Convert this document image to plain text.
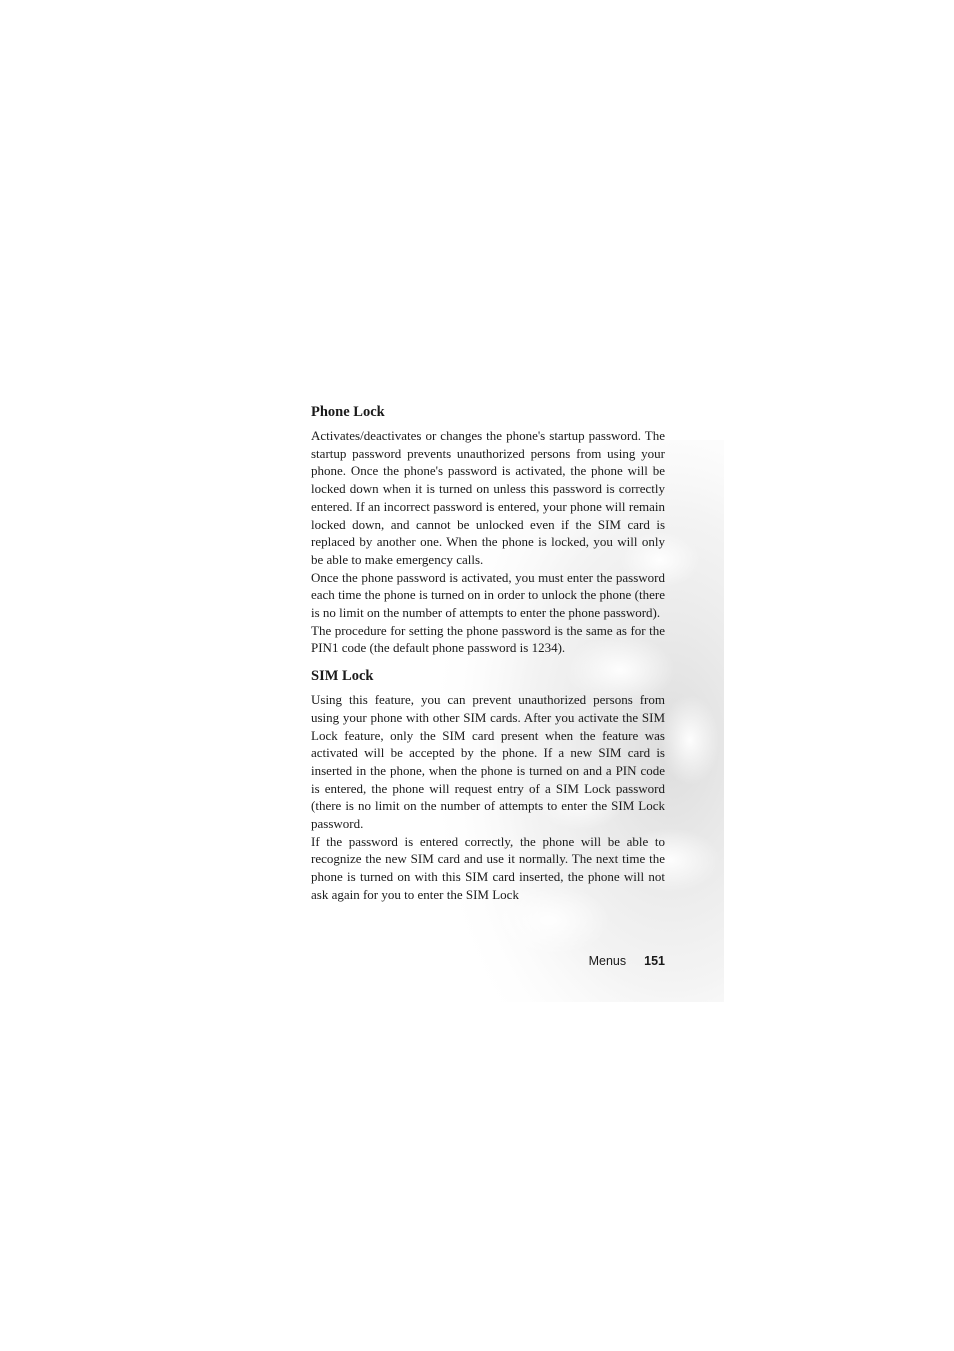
Phone Lock

Activates/deactivates or changes the phone's startup password. The startup password prevents unauthorized persons from using your phone. Once the phone's password is activated, the phone will be locked down when it is turned on unless this password is correctly entered. If an incorrect password is entered, your phone will remain locked down, and cannot be unlocked even if the SIM card is replaced by another one. When the phone is locked, you will only be able to make emergency calls.

Once the phone password is activated, you must enter the password each time the phone is turned on in order to unlock the phone (there is no limit on the number of attempts to enter the phone password).

The procedure for setting the phone password is the same as for the PIN1 code (the default phone password is 1234).

SIM Lock

Using this feature, you can prevent unauthorized persons from using your phone with other SIM cards. After you activate the SIM Lock feature, only the SIM card present when the feature was activated will be accepted by the phone. If a new SIM card is inserted in the phone, when the phone is turned on and a PIN code is entered, the phone will request entry of a SIM Lock password (there is no limit on the number of attempts to enter the SIM Lock password.

If the password is entered correctly, the phone will be able to recognize the new SIM card and use it normally. The next time the phone is turned on with this SIM card inserted, the phone will not ask again for you to enter the SIM Lock

Menus 151
